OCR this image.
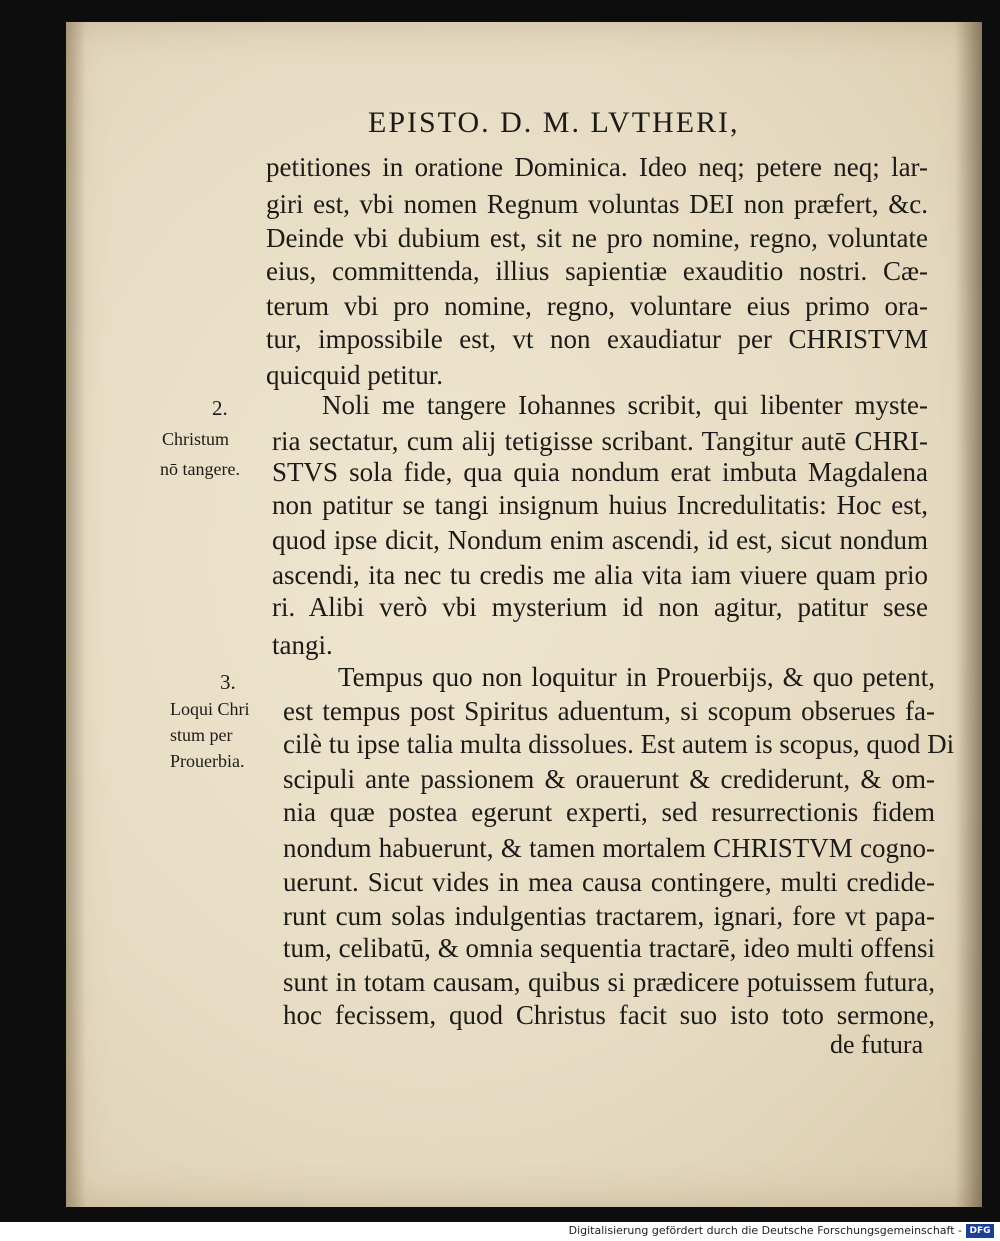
EPISTO. D. M. LVTHERI,
petitiones in oratione Dominica. Ideo neq; petere neq; lar-
giri est, vbi nomen Regnum voluntas DEI non præfert, &c.
Deinde vbi dubium est, sit ne pro nomine, regno, voluntate
eius, committenda, illius sapientiæ exauditio nostri. Cæ-
terum vbi pro nomine, regno, voluntare eius primo ora-
tur, impossibile est, vt non exaudiatur per CHRISTVM
quicquid petitur.
2.
Christum
nō tangere.
Noli me tangere Iohannes scribit, qui libenter myste-
ria sectatur, cum alij tetigisse scribant. Tangitur autē CHRI-
STVS sola fide, qua quia nondum erat imbuta Magdalena
non patitur se tangi insignum huius Incredulitatis: Hoc est,
quod ipse dicit, Nondum enim ascendi, id est, sicut nondum
ascendi, ita nec tu credis me alia vita iam viuere quam prio
ri. Alibi verò vbi mysterium id non agitur, patitur sese
tangi.
3.
Loqui Chri
stum per
Prouerbia.
Tempus quo non loquitur in Prouerbijs, & quo petent,
est tempus post Spiritus aduentum, si scopum obserues fa-
cilè tu ipse talia multa dissolues. Est autem is scopus, quod Di
scipuli ante passionem & orauerunt & crediderunt, & om-
nia quæ postea egerunt experti, sed resurrectionis fidem
nondum habuerunt, & tamen mortalem CHRISTVM cogno-
uerunt. Sicut vides in mea causa contingere, multi credide-
runt cum solas indulgentias tractarem, ignari, fore vt papa-
tum, celibatū, & omnia sequentia tractarē, ideo multi offensi
sunt in totam causam, quibus si prædicere potuissem futura,
hoc fecissem, quod Christus facit suo isto toto sermone,
de futura
Digitalisierung gefördert durch die Deutsche Forschungsgemeinschaft - DFG
